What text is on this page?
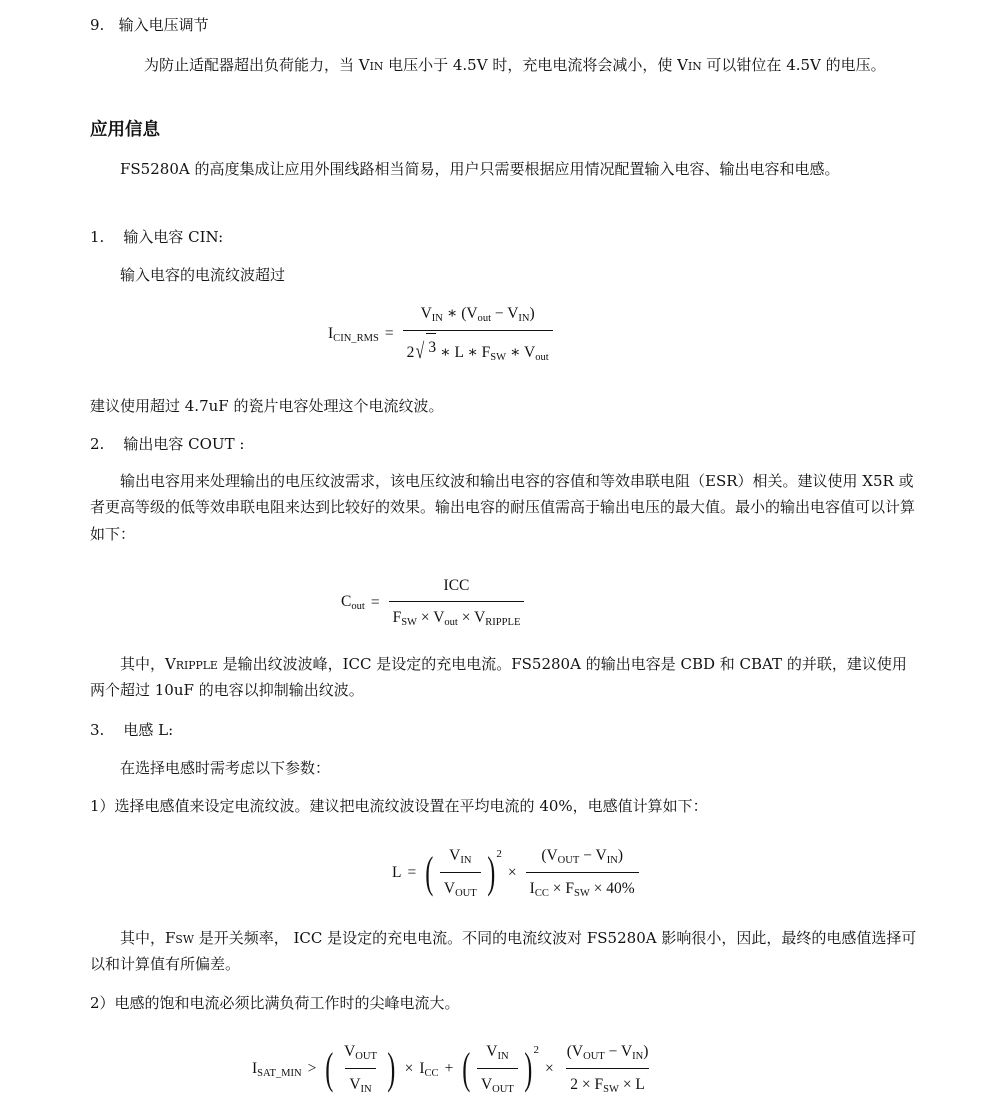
9.   输入电压调节

为防止适配器超出负荷能力，当 VIN 电压小于 4.5V 时，充电电流将会减小，使 VIN 可以钳位在 4.5V 的电压。

应用信息

FS5280A 的高度集成让应用外围线路相当简易，用户只需要根据应用情况配置输入电容、输出电容和电感。

1.    输入电容 CIN:

输入电容的电流纹波超过

$I_{CIN\_RMS} = \frac{V_{IN} ∗ (V_{out} - V_{IN})}{2 √ 3 ∗ L ∗ F_{SW} ∗ V_{out}}$

建议使用超过 4.7uF 的瓷片电容处理这个电流纹波。

2.    输出电容 COUT :

输出电容用来处理输出的电压纹波需求，该电压纹波和输出电容的容值和等效串联电阻（ESR）相关。建议使用 X5R 或者更高等级的低等效串联电阻来达到比较好的效果。输出电容的耐压值需高于输出电压的最大值。最小的输出电容值可以计算如下：

$C_{out} = \frac{\text{ICC}}{F_{SW} \times V_{out} \times V_{RIPPLE}}$

其中，VRIPPLE 是输出纹波波峰，ICC 是设定的充电电流。FS5280A 的输出电容是 CBD 和 CBAT 的并联，建议使用两个超过 10uF 的电容以抑制输出纹波。

3.    电感 L:

在选择电感时需考虑以下参数：

1）选择电感值来设定电流纹波。建议把电流纹波设置在平均电流的 40%，电感值计算如下：

L = ( $\frac{V_{IN}}{V_{OUT}} )^2$
× $\frac{(V_{OUT} - V_{IN})}{I_{CC} \times F_{SW} \times 40\%}$

其中，FSW 是开关频率， ICC 是设定的充电电流。不同的电流纹波对 FS5280A 影响很小，因此，最终的电感值选择可以和计算值有所偏差。

2）电感的饱和电流必须比满负荷工作时的尖峰电流大。

$I_{SAT\_MIN}$ > ( $\frac{V_{OUT}}{V_{IN}}$ ) × $I_{CC}$ + ( $\frac{V_{IN}}{V_{OUT}} )^2$
× $\frac{(V_{OUT} - V_{IN})}{2 \times F_{SW} \times L}$
